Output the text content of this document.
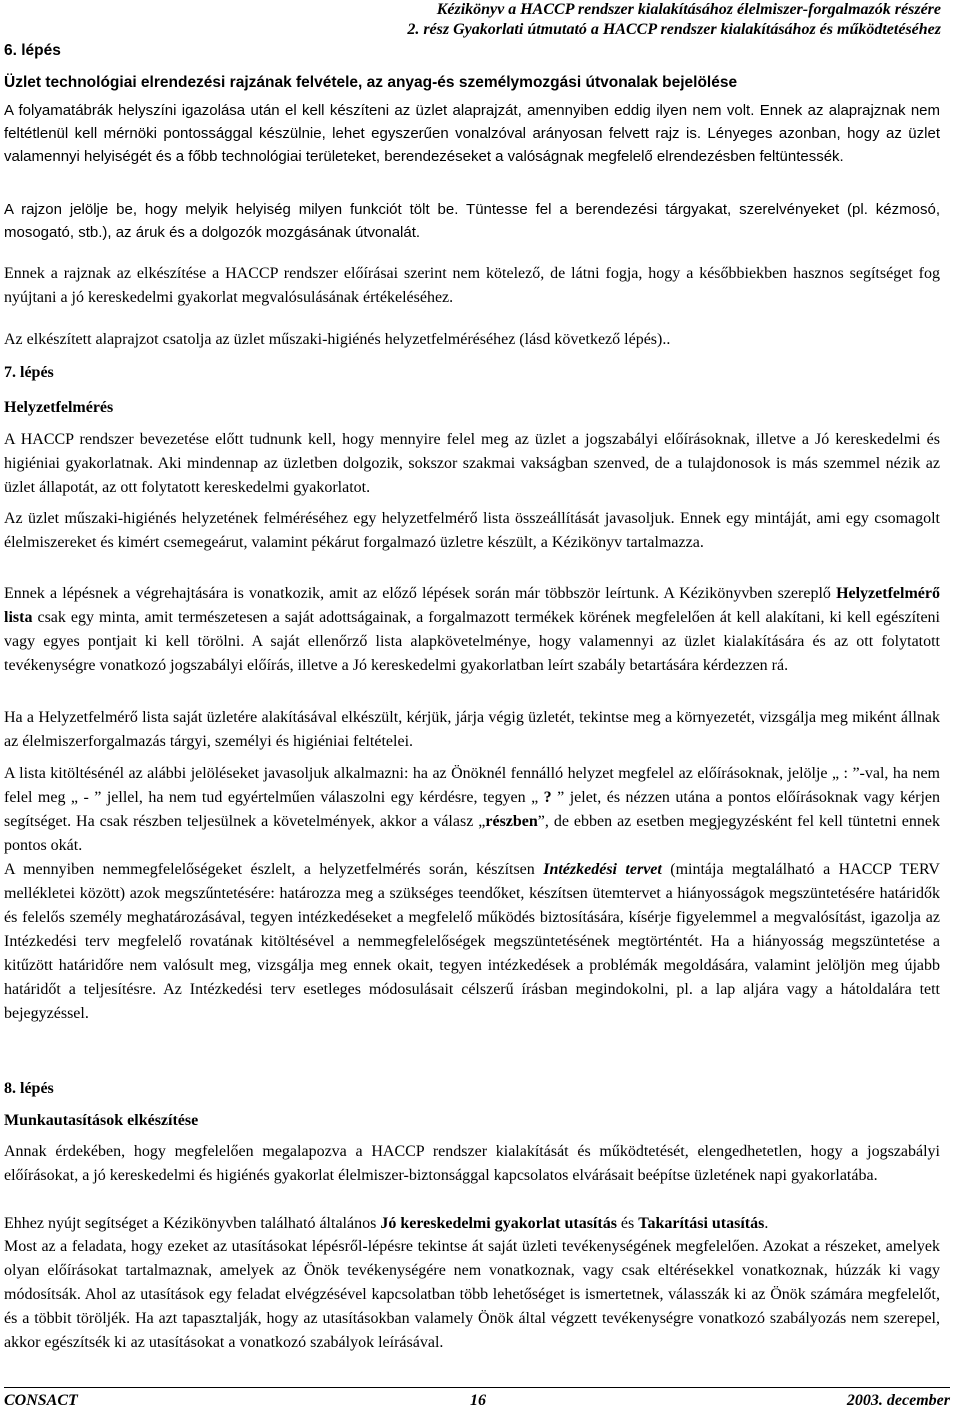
Kézikönyv a HACCP rendszer kialakításához élelmiszer-forgalmazók részére
2. rész Gyakorlati útmutató a HACCP rendszer kialakításához és működtetéséhez
6. lépés
Üzlet technológiai elrendezési rajzának felvétele, az anyag-és személymozgási útvonalak bejelölése
A folyamatábrák helyszíni igazolása után el kell készíteni az üzlet alaprajzát, amennyiben eddig ilyen nem volt. Ennek az alaprajznak nem feltétlenül kell mérnöki pontossággal készülnie, lehet egyszerűen vonalzóval arányosan felvett rajz is. Lényeges azonban, hogy az üzlet valamennyi helyiségét és a főbb technológiai területeket, berendezéseket a valóságnak megfelelő elrendezésben feltüntessék.
A rajzon jelölje be, hogy melyik helyiség milyen funkciót tölt be. Tüntesse fel a berendezési tárgyakat, szerelvényeket (pl. kézmosó, mosogató, stb.), az áruk és a dolgozók mozgásának útvonalát.
Ennek a rajznak az elkészítése a HACCP rendszer előírásai szerint nem kötelező, de látni fogja, hogy a későbbiekben hasznos segítséget fog nyújtani a jó kereskedelmi gyakorlat megvalósulásának értékeléséhez.
Az elkészített alaprajzot csatolja az üzlet műszaki-higiénés helyzetfelméréséhez (lásd következő lépés)..
7. lépés
Helyzetfelmérés
A HACCP rendszer bevezetése előtt tudnunk kell, hogy mennyire felel meg az üzlet a jogszabályi előírásoknak, illetve a Jó kereskedelmi és higiéniai gyakorlatnak. Aki mindennap az üzletben dolgozik, sokszor szakmai vakságban szenved, de a tulajdonosok is más szemmel nézik az üzlet állapotát, az ott folytatott kereskedelmi gyakorlatot.
Az üzlet műszaki-higiénés helyzetének felméréséhez egy helyzetfelmérő lista összeállítását javasoljuk. Ennek egy mintáját, ami egy csomagolt élelmiszereket és kimért csemegeárut, valamint pékárut forgalmazó üzletre készült, a Kézikönyv tartalmazza.
Ennek a lépésnek a végrehajtására is vonatkozik, amit az előző lépések során már többször leírtunk. A Kézikönyvben szereplő Helyzetfelmérő lista csak egy minta, amit természetesen a saját adottságainak, a forgalmazott termékek körének megfelelően át kell alakítani, ki kell egészíteni vagy egyes pontjait ki kell törölni. A saját ellenőrző lista alapkövetelménye, hogy valamennyi az üzlet kialakítására és az ott folytatott tevékenységre vonatkozó jogszabályi előírás, illetve a Jó kereskedelmi gyakorlatban leírt szabály betartására kérdezzen rá.
Ha a Helyzetfelmérő lista saját üzletére alakításával elkészült, kérjük, járja végig üzletét, tekintse meg a környezetét, vizsgálja meg miként állnak az élelmiszerforgalmazás tárgyi, személyi és higiéniai feltételei.
A lista kitöltésénél az alábbi jelöléseket javasoljuk alkalmazni: ha az Önöknél fennálló helyzet megfelel az előírásoknak, jelölje „ : ”-val, ha nem felel meg „ - ” jellel, ha nem tud egyértelműen válaszolni egy kérdésre, tegyen „ ? ” jelet, és nézzen utána a pontos előírásoknak vagy kérjen segítséget. Ha csak részben teljesülnek a követelmények, akkor a válasz „részben”, de ebben az esetben megjegyzésként fel kell tüntetni ennek pontos okát.
A mennyiben nemmegfelelőségeket észlelt, a helyzetfelmérés során, készítsen Intézkedési tervet (mintája megtalálható a HACCP TERV mellékletei között) azok megszűntetésére: határozza meg a szükséges teendőket, készítsen ütemtervet a hiányosságok megszüntetésére határidők és felelős személy meghatározásával, tegyen intézkedéseket a megfelelő működés biztosítására, kísérje figyelemmel a megvalósítást, igazolja az Intézkedési terv megfelelő rovatának kitöltésével a nemmegfelelőségek megszüntetésének megtörténtét. Ha a hiányosság megszüntetése a kitűzött határidőre nem valósult meg, vizsgálja meg ennek okait, tegyen intézkedések a problémák megoldására, valamint jelöljön meg újabb határidőt a teljesítésre. Az Intézkedési terv esetleges módosulásait célszerű írásban megindokolni, pl. a lap aljára vagy a hátoldalára tett bejegyzéssel.
8. lépés
Munkautasítások elkészítése
Annak érdekében, hogy megfelelően megalapozva a HACCP rendszer kialakítását és működtetését, elengedhetetlen, hogy a jogszabályi előírásokat, a jó kereskedelmi és higiénés gyakorlat élelmiszer-biztonsággal kapcsolatos elvárásait beépítse üzletének napi gyakorlatába.
Ehhez nyújt segítséget a Kézikönyvben található általános Jó kereskedelmi gyakorlat utasítás és Takarítási utasítás.
Most az a feladata, hogy ezeket az utasításokat lépésről-lépésre tekintse át saját üzleti tevékenységének megfelelően. Azokat a részeket, amelyek olyan előírásokat tartalmaznak, amelyek az Önök tevékenységére nem vonatkoznak, vagy csak eltérésekkel vonatkoznak, húzzák ki vagy módosítsák. Ahol az utasítások egy feladat elvégzésével kapcsolatban több lehetőséget is ismertetnek, válasszák ki az Önök számára megfelelőt, és a többit töröljék. Ha azt tapasztalják, hogy az utasításokban valamely Önök által végzett tevékenységre vonatkozó szabályozás nem szerepel, akkor egészítsék ki az utasításokat a vonatkozó szabályok leírásával.
CONSACT	16	2003. december
